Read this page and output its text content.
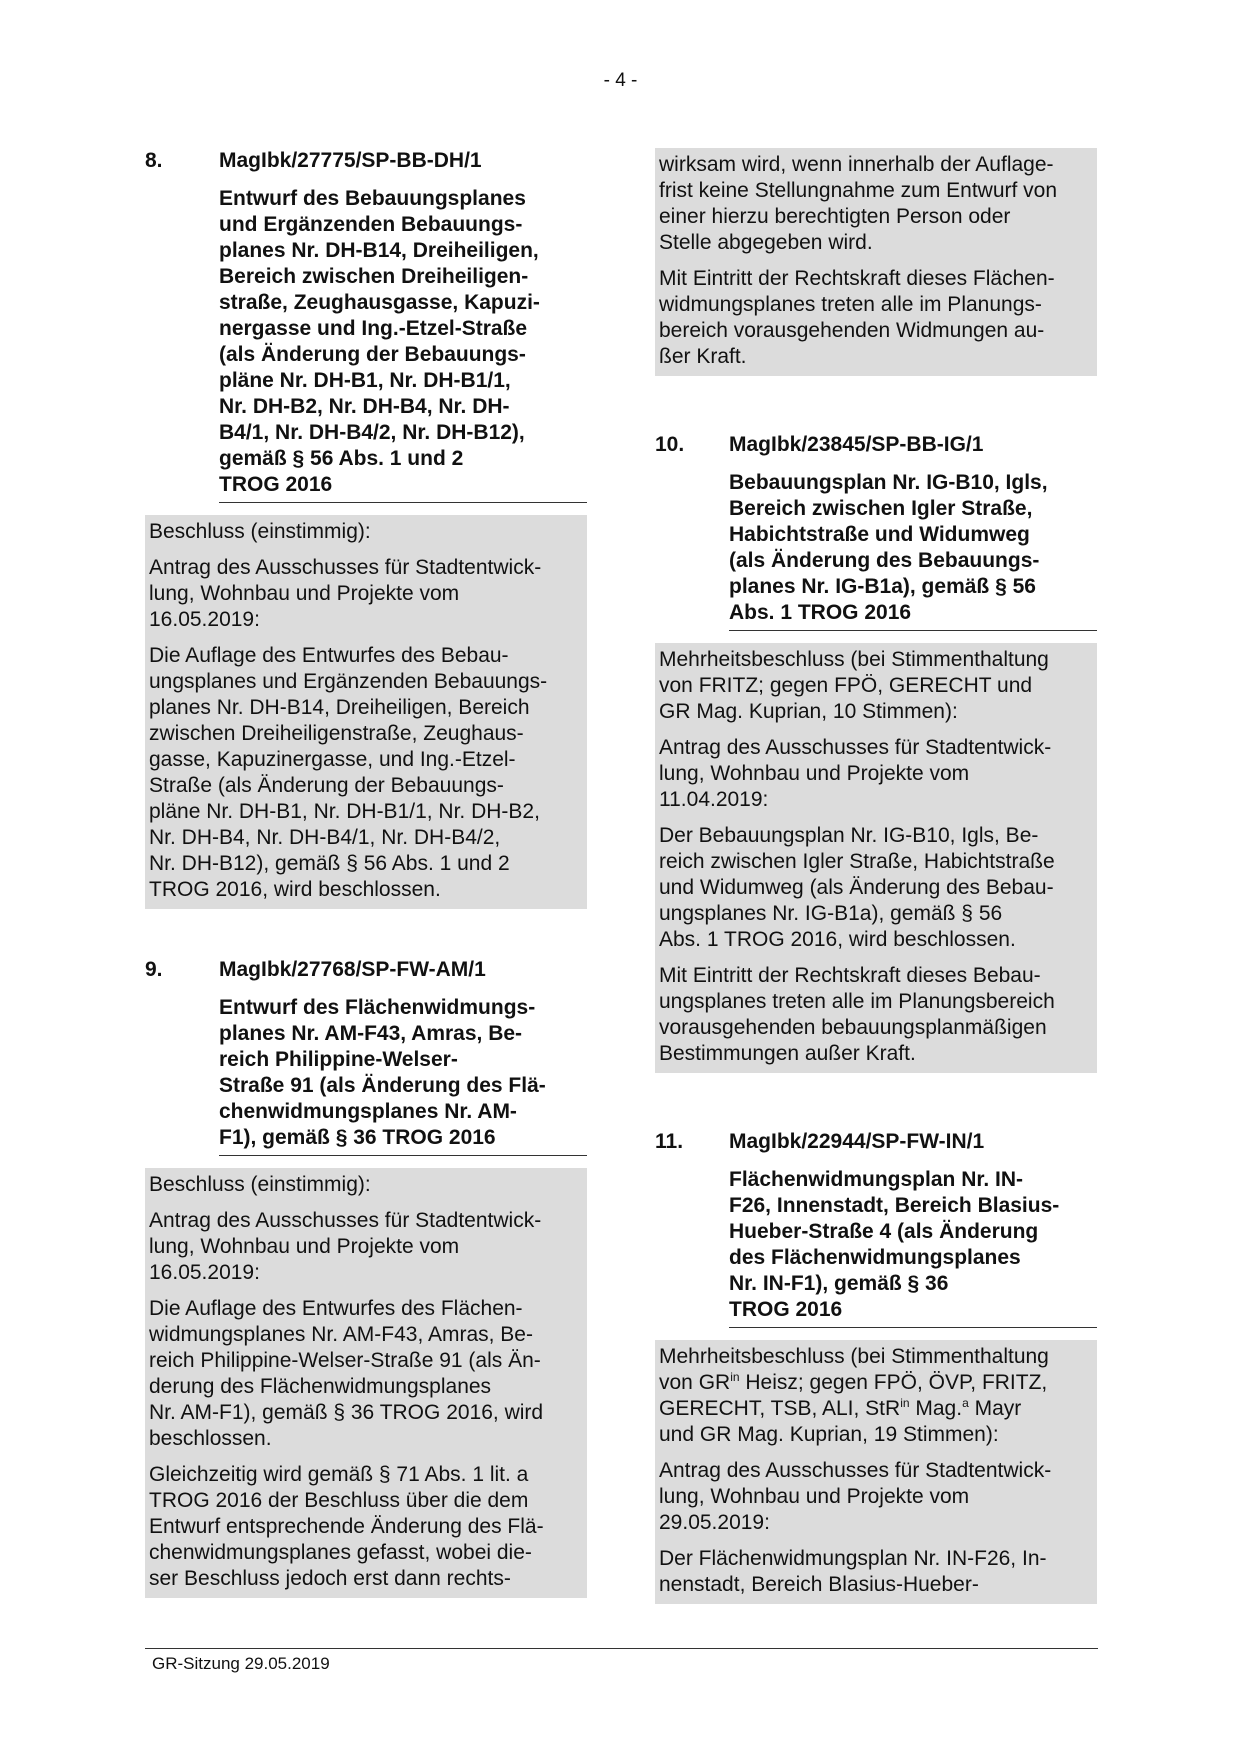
- 4 -
8.	MagIbk/27775/SP-BB-DH/1
Entwurf des Bebauungsplanes
und Ergänzenden Bebauungs-
planes Nr. DH-B14, Dreiheiligen,
Bereich zwischen Dreiheiligen-
straße, Zeughausgasse, Kapuzi-
nergasse und Ing.-Etzel-Straße
(als Änderung der Bebauungs-
pläne Nr. DH-B1, Nr. DH-B1/1,
Nr. DH-B2, Nr. DH-B4, Nr. DH-
B4/1, Nr. DH-B4/2, Nr. DH-B12),
gemäß § 56 Abs. 1 und 2
TROG 2016

Beschluss (einstimmig):

Antrag des Ausschusses für Stadtentwick-
lung, Wohnbau und Projekte vom
16.05.2019:

Die Auflage des Entwurfes des Bebau-
ungsplanes und Ergänzenden Bebauungs-
planes Nr. DH-B14, Dreiheiligen, Bereich
zwischen Dreiheiligenstraße, Zeughaus-
gasse, Kapuzinergasse, und Ing.-Etzel-
Straße (als Änderung der Bebauungs-
pläne Nr. DH-B1, Nr. DH-B1/1, Nr. DH-B2,
Nr. DH-B4, Nr. DH-B4/1, Nr. DH-B4/2,
Nr. DH-B12), gemäß § 56 Abs. 1 und 2
TROG 2016, wird beschlossen.

9.	MagIbk/27768/SP-FW-AM/1
Entwurf des Flächenwidmungs-
planes Nr. AM-F43, Amras, Be-
reich Philippine-Welser-
Straße 91 (als Änderung des Flä-
chenwidmungsplanes Nr. AM-
F1), gemäß § 36 TROG 2016

Beschluss (einstimmig):

Antrag des Ausschusses für Stadtentwick-
lung, Wohnbau und Projekte vom
16.05.2019:

Die Auflage des Entwurfes des Flächen-
widmungsplanes Nr. AM-F43, Amras, Be-
reich Philippine-Welser-Straße 91 (als Än-
derung des Flächenwidmungsplanes
Nr. AM-F1), gemäß § 36 TROG 2016, wird
beschlossen.

Gleichzeitig wird gemäß § 71 Abs. 1 lit. a
TROG 2016 der Beschluss über die dem
Entwurf entsprechende Änderung des Flä-
chenwidmungsplanes gefasst, wobei die-
ser Beschluss jedoch erst dann rechts-

wirksam wird, wenn innerhalb der Auflage-
frist keine Stellungnahme zum Entwurf von
einer hierzu berechtigten Person oder
Stelle abgegeben wird.

Mit Eintritt der Rechtskraft dieses Flächen-
widmungsplanes treten alle im Planungs-
bereich vorausgehenden Widmungen au-
ßer Kraft.

10.	MagIbk/23845/SP-BB-IG/1
Bebauungsplan Nr. IG-B10, Igls,
Bereich zwischen Igler Straße,
Habichtstraße und Widumweg
(als Änderung des Bebauungs-
planes Nr. IG-B1a), gemäß § 56
Abs. 1 TROG 2016

Mehrheitsbeschluss (bei Stimmenthaltung
von FRITZ; gegen FPÖ, GERECHT und
GR Mag. Kuprian, 10 Stimmen):

Antrag des Ausschusses für Stadtentwick-
lung, Wohnbau und Projekte vom
11.04.2019:

Der Bebauungsplan Nr. IG-B10, Igls, Be-
reich zwischen Igler Straße, Habichtstraße
und Widumweg (als Änderung des Bebau-
ungsplanes Nr. IG-B1a), gemäß § 56
Abs. 1 TROG 2016, wird beschlossen.

Mit Eintritt der Rechtskraft dieses Bebau-
ungsplanes treten alle im Planungsbereich
vorausgehenden bebauungsplanmäßigen
Bestimmungen außer Kraft.

11.	MagIbk/22944/SP-FW-IN/1
Flächenwidmungsplan Nr. IN-
F26, Innenstadt, Bereich Blasius-
Hueber-Straße 4 (als Änderung
des Flächenwidmungsplanes
Nr. IN-F1), gemäß § 36
TROG 2016

Mehrheitsbeschluss (bei Stimmenthaltung
von $GR^{in}$ Heisz; gegen FPÖ, ÖVP, FRITZ,
GERECHT, TSB, ALI, StR$^{in}$ Mag.$^a$ Mayr
und GR Mag. Kuprian, 19 Stimmen):

Antrag des Ausschusses für Stadtentwick-
lung, Wohnbau und Projekte vom
29.05.2019:

Der Flächenwidmungsplan Nr. IN-F26, In-
nenstadt, Bereich Blasius-Hueber-

GR-Sitzung 29.05.2019
